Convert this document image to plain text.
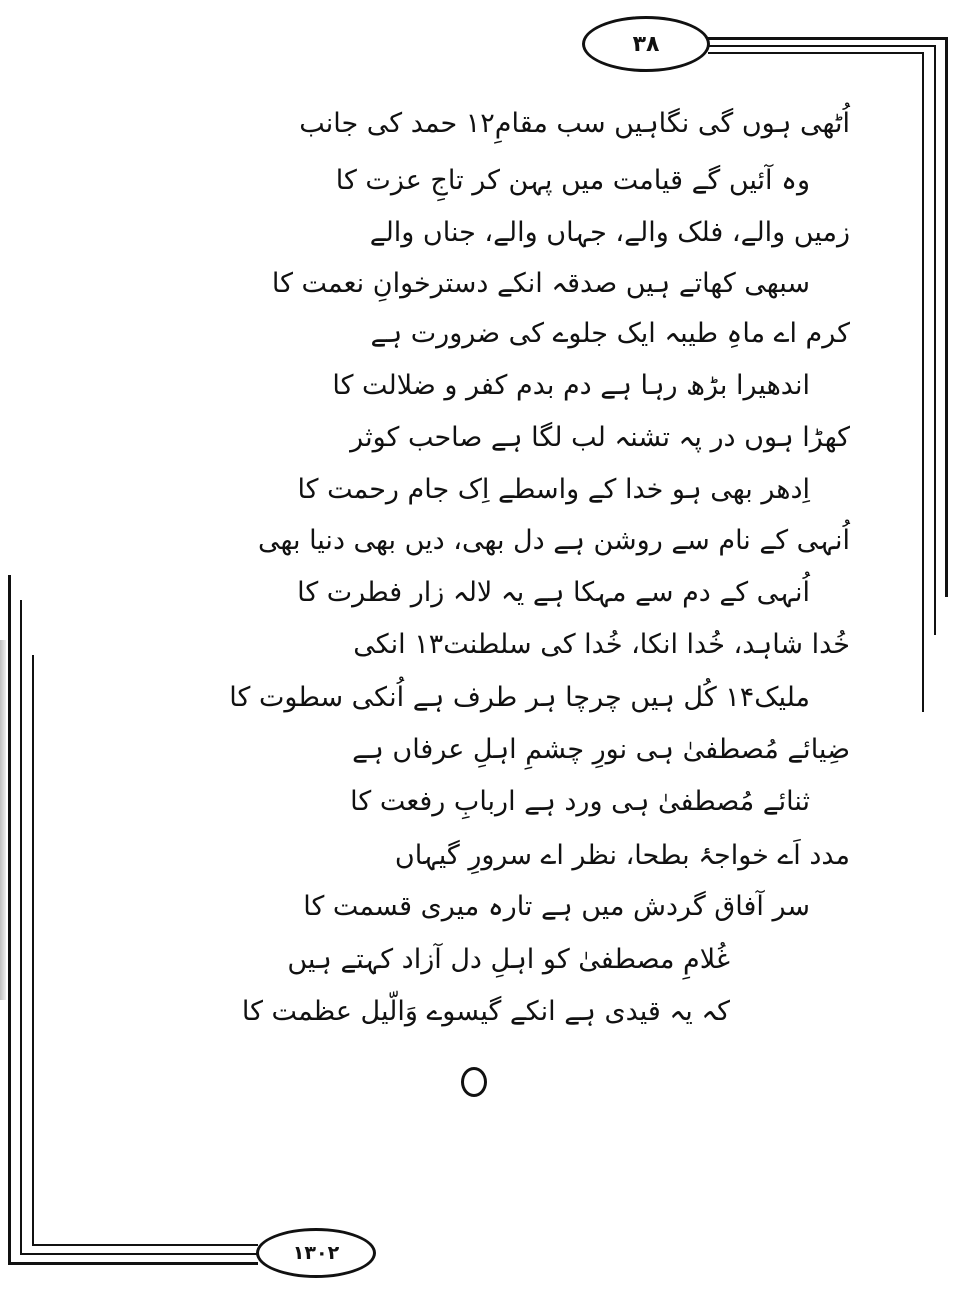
۳۸
اُٹھی ہوں گی نگاہیں سب مقامِ۱۲ حمد کی جانب
وہ آئیں گے قیامت میں پہن کر تاجِ عزت کا
زمیں والے، فلک والے، جہاں والے، جناں والے
سبھی کھاتے ہیں صدقہ انکے دسترخوانِ نعمت کا
کرم اے ماہِ طیبہ ایک جلوے کی ضرورت ہے
اندھیرا بڑھ رہا ہے دم بدم کفر و ضلالت کا
کھڑا ہوں در پہ تشنہ لب لگا ہے صاحب کوثر
اِدھر بھی ہو خدا کے واسطے اِک جام رحمت کا
اُنہی کے نام سے روشن ہے دل بھی، دیں بھی دنیا بھی
اُنہی کے دم سے مہکا ہے یہ لالہ زار فطرت کا
خُدا شاہد، خُدا انکا، خُدا کی سلطنت۱۳ انکی
ملیک۱۴ کُل ہیں چرچا ہر طرف ہے اُنکی سطوت کا
ضِیائے مُصطفیٰ ہی نورِ چشمِ اہلِ عرفاں ہے
ثنائے مُصطفیٰ ہی ورد ہے اربابِ رفعت کا
مدد اَے خواجۂ بطحا، نظر اے سرورِ گیہاں
سر آفاق گردش میں ہے تارہ میری قسمت کا
غُلامِ مصطفیٰ کو اہلِ دل آزاد کہتے ہیں
کہ یہ قیدی ہے انکے گیسوے وَالّیل عظمت کا
۱۳۰۲
